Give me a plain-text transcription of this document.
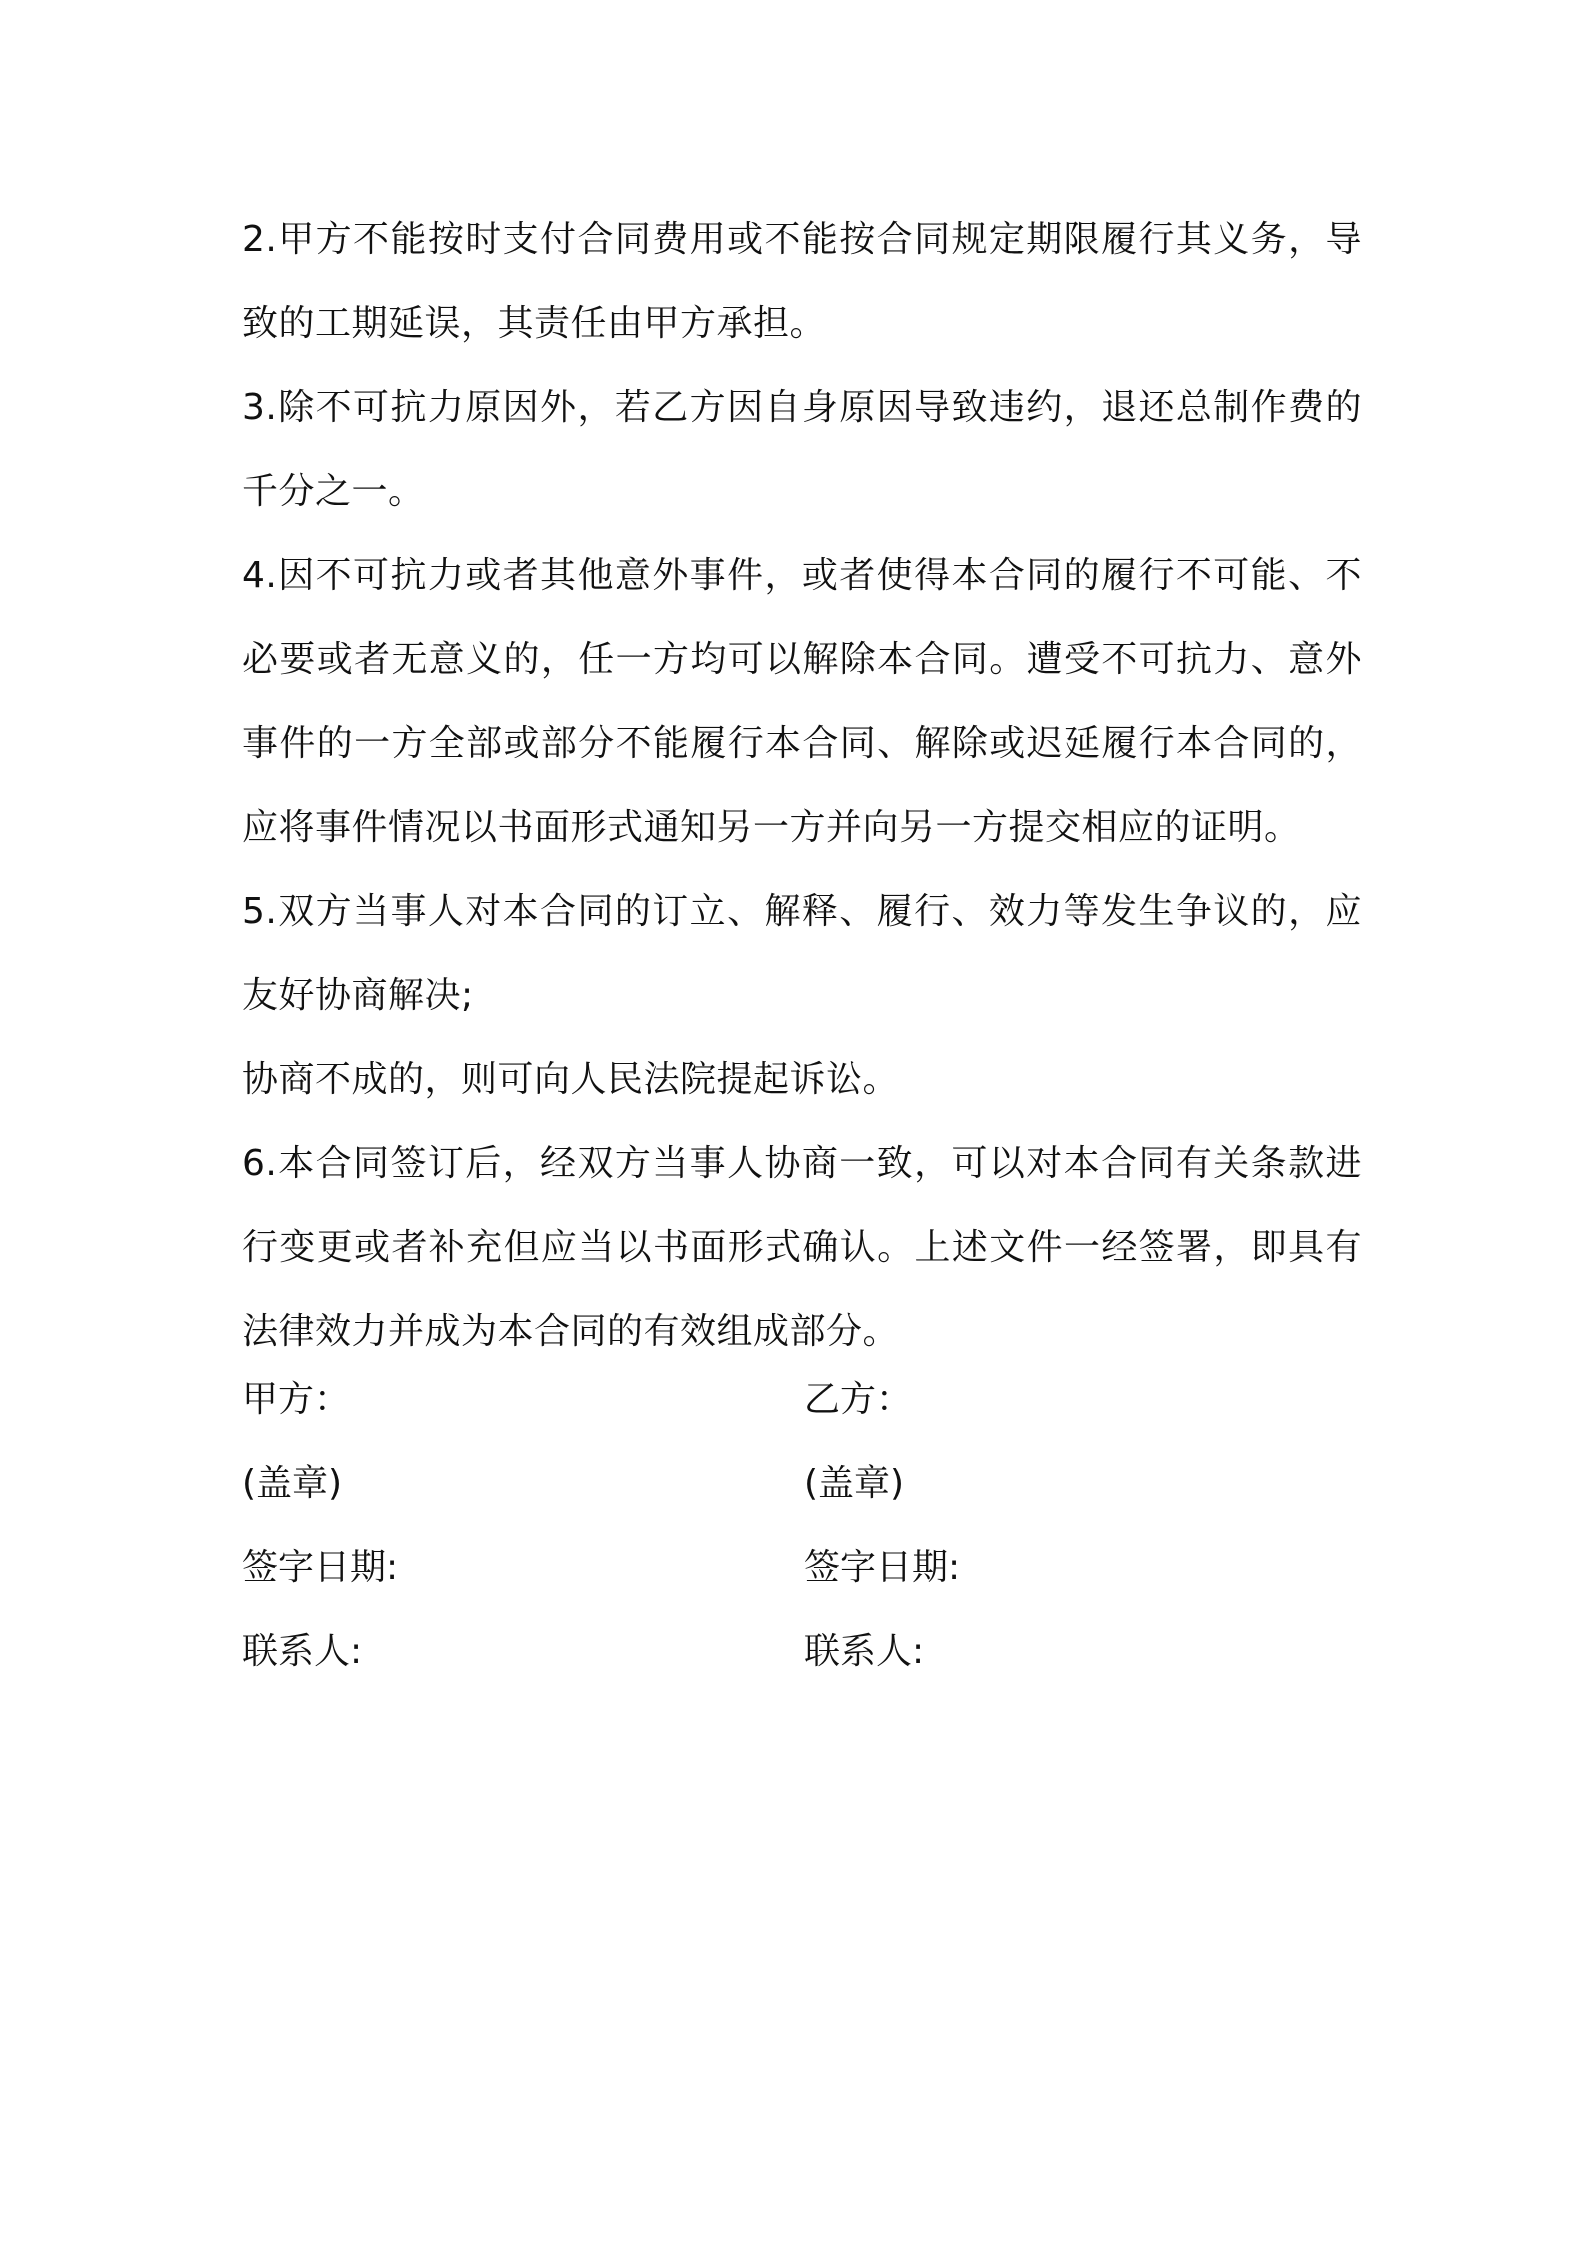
2.甲方不能按时支付合同费用或不能按合同规定期限履行其义务，导致的工期延误，其责任由甲方承担。

3.除不可抗力原因外，若乙方因自身原因导致违约，退还总制作费的千分之一。

4.因不可抗力或者其他意外事件，或者使得本合同的履行不可能、不必要或者无意义的，任一方均可以解除本合同。遭受不可抗力、意外事件的一方全部或部分不能履行本合同、解除或迟延履行本合同的，应将事件情况以书面形式通知另一方并向另一方提交相应的证明。

5.双方当事人对本合同的订立、解释、履行、效力等发生争议的，应友好协商解决;

协商不成的，则可向人民法院提起诉讼。

6.本合同签订后，经双方当事人协商一致，可以对本合同有关条款进行变更或者补充但应当以书面形式确认。上述文件一经签署，即具有法律效力并成为本合同的有效组成部分。

甲方：	乙方：
(盖章)	(盖章)
签字日期:	签字日期:
联系人:	联系人:
